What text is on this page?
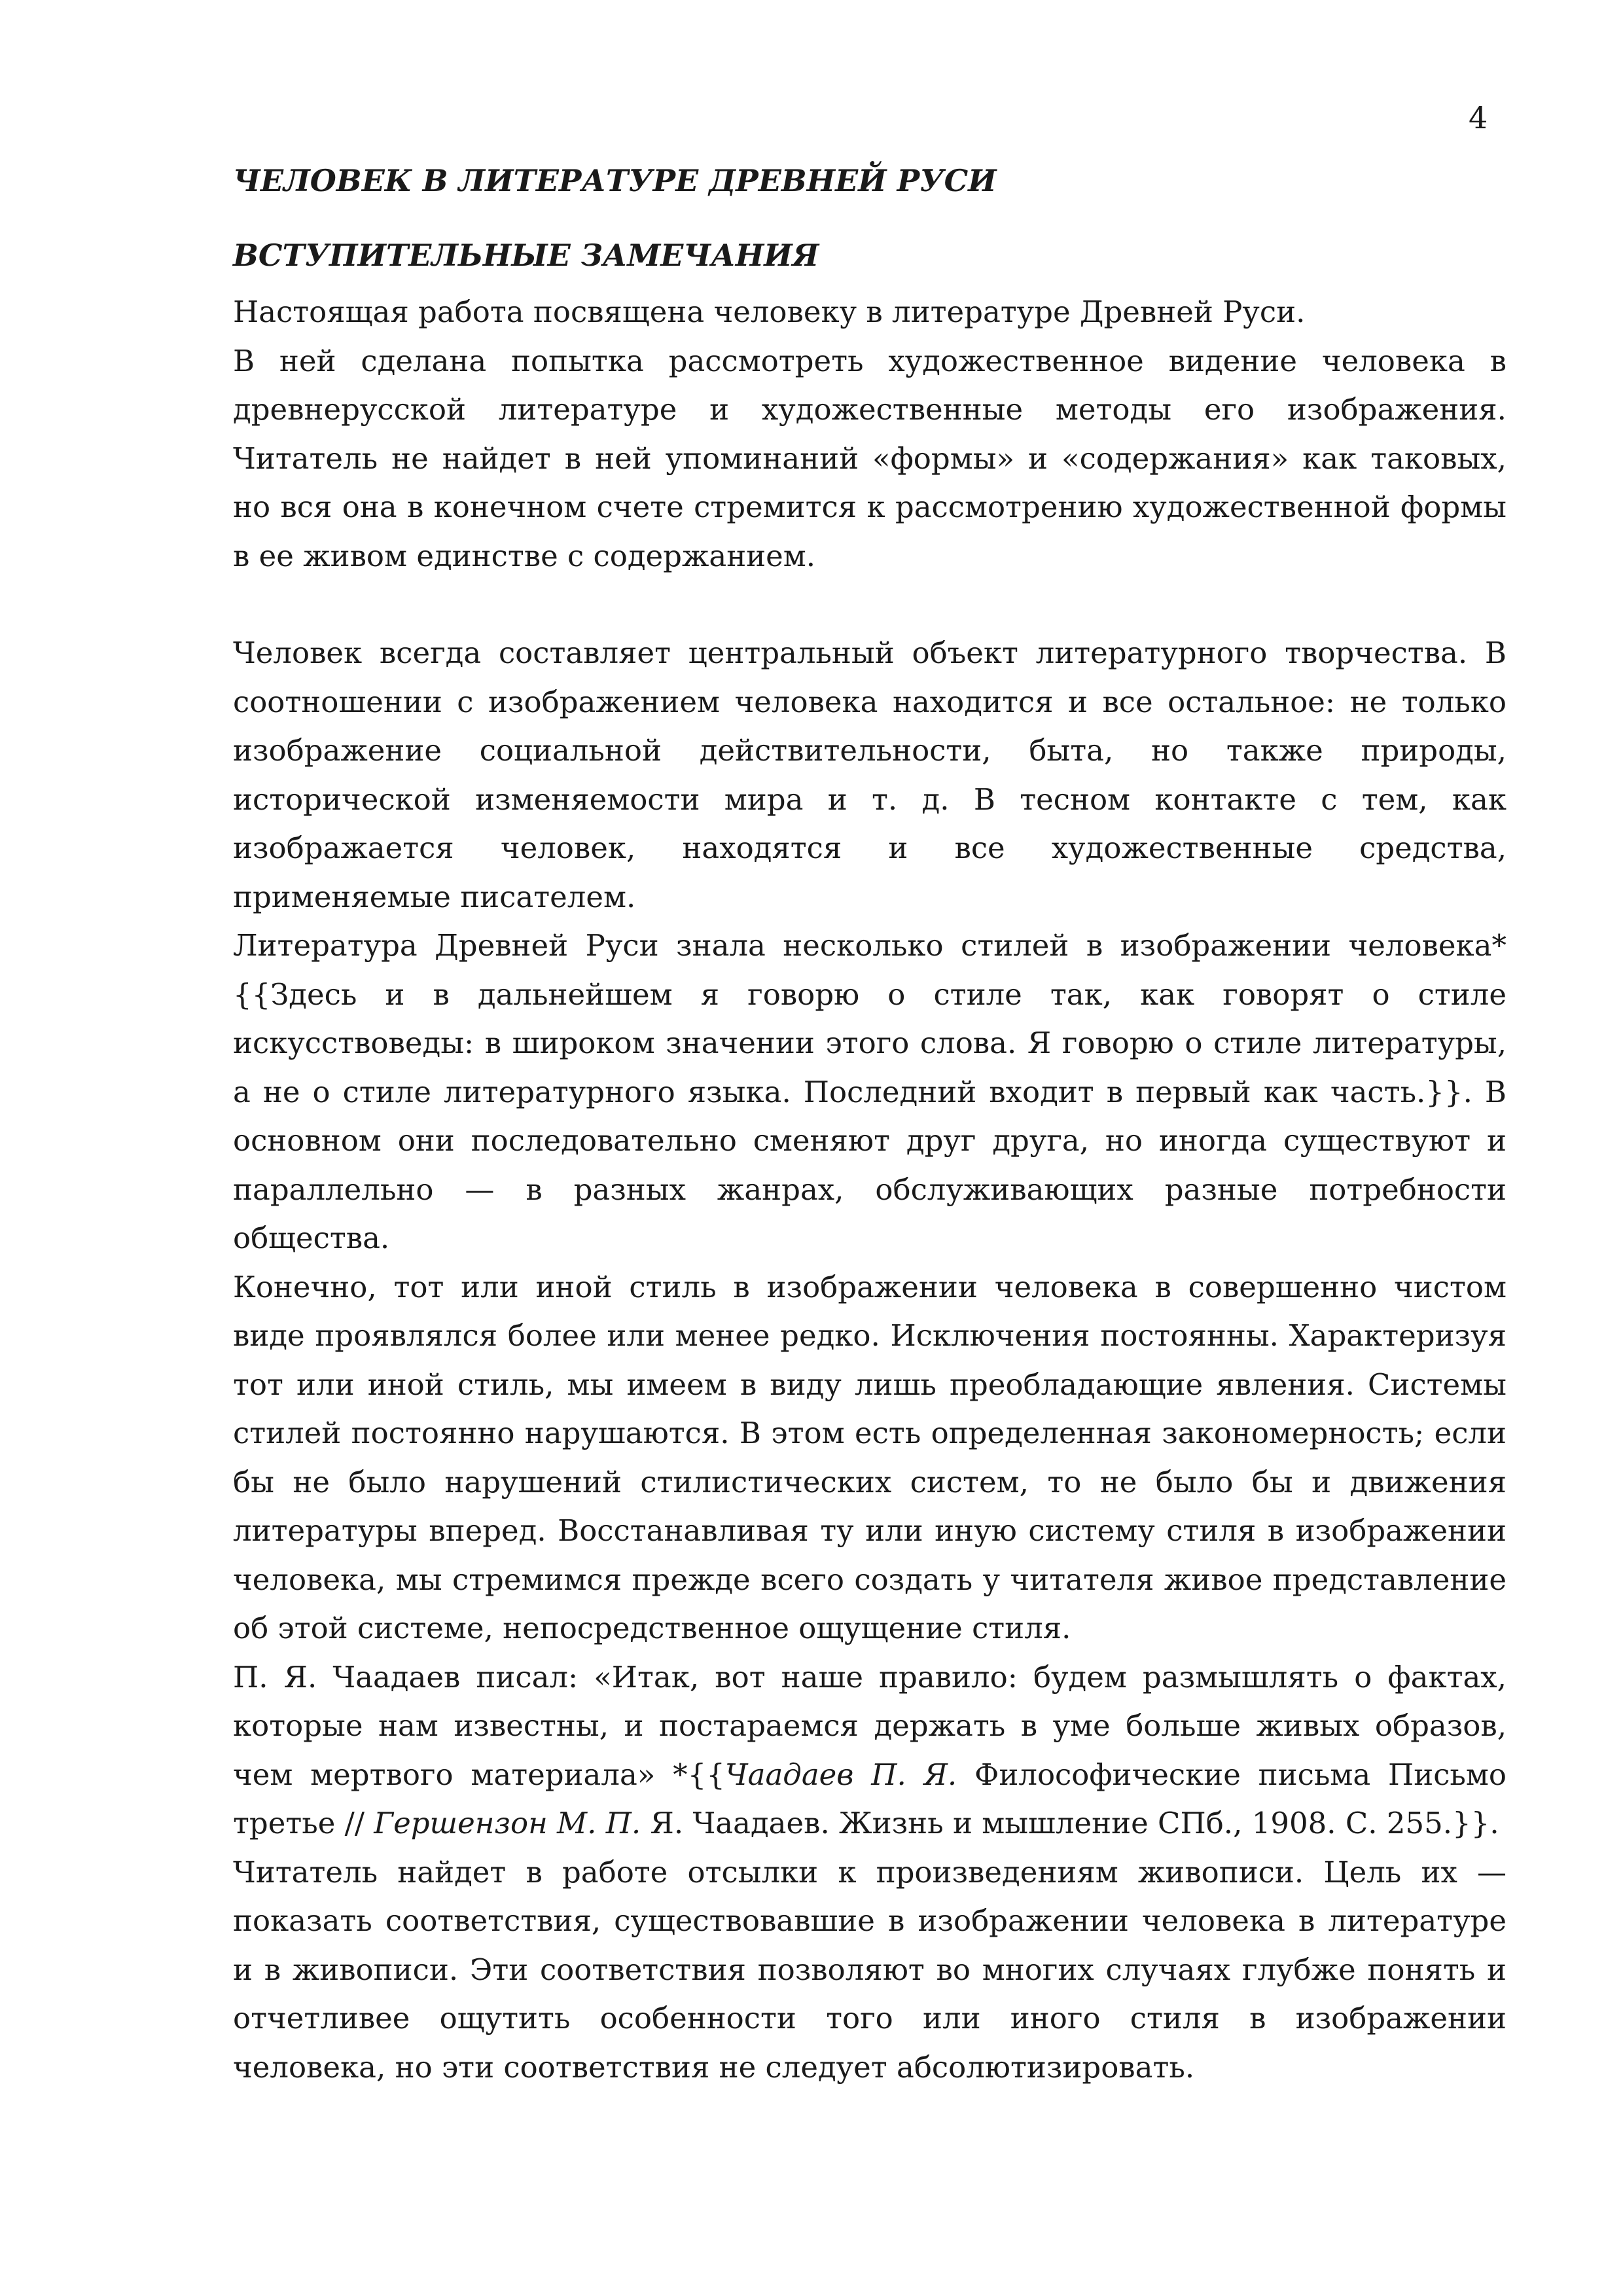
4
ЧЕЛОВЕК В ЛИТЕРАТУРЕ ДРЕВНЕЙ РУСИ
ВСТУПИТЕЛЬНЫЕ ЗАМЕЧАНИЯ

Настоящая работа посвящена человеку в литературе Древней Руси.

В ней сделана попытка рассмотреть художественное видение человека в древнерусской литературе и художественные методы его изображения. Читатель не найдет в ней упоминаний «формы» и «содержания» как таковых, но вся она в конечном счете стремится к рассмотрению художественной формы в ее живом единстве с содержанием.

Человек всегда составляет центральный объект литературного творчества. В соотношении с изображением человека находится и все остальное: не только изображение социальной действительности, быта, но также природы, исторической изменяемости мира и т. д. В тесном контакте с тем, как изображается человек, находятся и все художественные средства, применяемые писателем.

Литература Древней Руси знала несколько стилей в изображении человека*{{Здесь и в дальнейшем я говорю о стиле так, как говорят о стиле искусствоведы: в широком значении этого слова. Я говорю о стиле литературы, а не о стиле литературного языка. Последний входит в первый как часть.}}. В основном они последовательно сменяют друг друга, но иногда существуют и параллельно — в разных жанрах, обслуживающих разные потребности общества.

Конечно, тот или иной стиль в изображении человека в совершенно чистом виде проявлялся более или менее редко. Исключения постоянны. Характеризуя тот или иной стиль, мы имеем в виду лишь преобладающие явления. Системы стилей постоянно нарушаются. В этом есть определенная закономерность; если бы не было нарушений стилистических систем, то не было бы и движения литературы вперед. Восстанавливая ту или иную систему стиля в изображении человека, мы стремимся прежде всего создать у читателя живое представление об этой системе, непосредственное ощущение стиля.

П. Я. Чаадаев писал: «Итак, вот наше правило: будем размышлять о фактах, которые нам известны, и постараемся держать в уме больше живых образов, чем мертвого материала» *{{Чаадаев П. Я. Философические письма Письмо третье // Гершензон М. П. Я. Чаадаев. Жизнь и мышление СПб., 1908. С. 255.}}.

Читатель найдет в работе отсылки к произведениям живописи. Цель их — показать соответствия, существовавшие в изображении человека в литературе и в живописи. Эти соответствия позволяют во многих случаях глубже понять и отчетливее ощутить особенности того или иного стиля в изображении человека, но эти соответствия не следует абсолютизировать.
